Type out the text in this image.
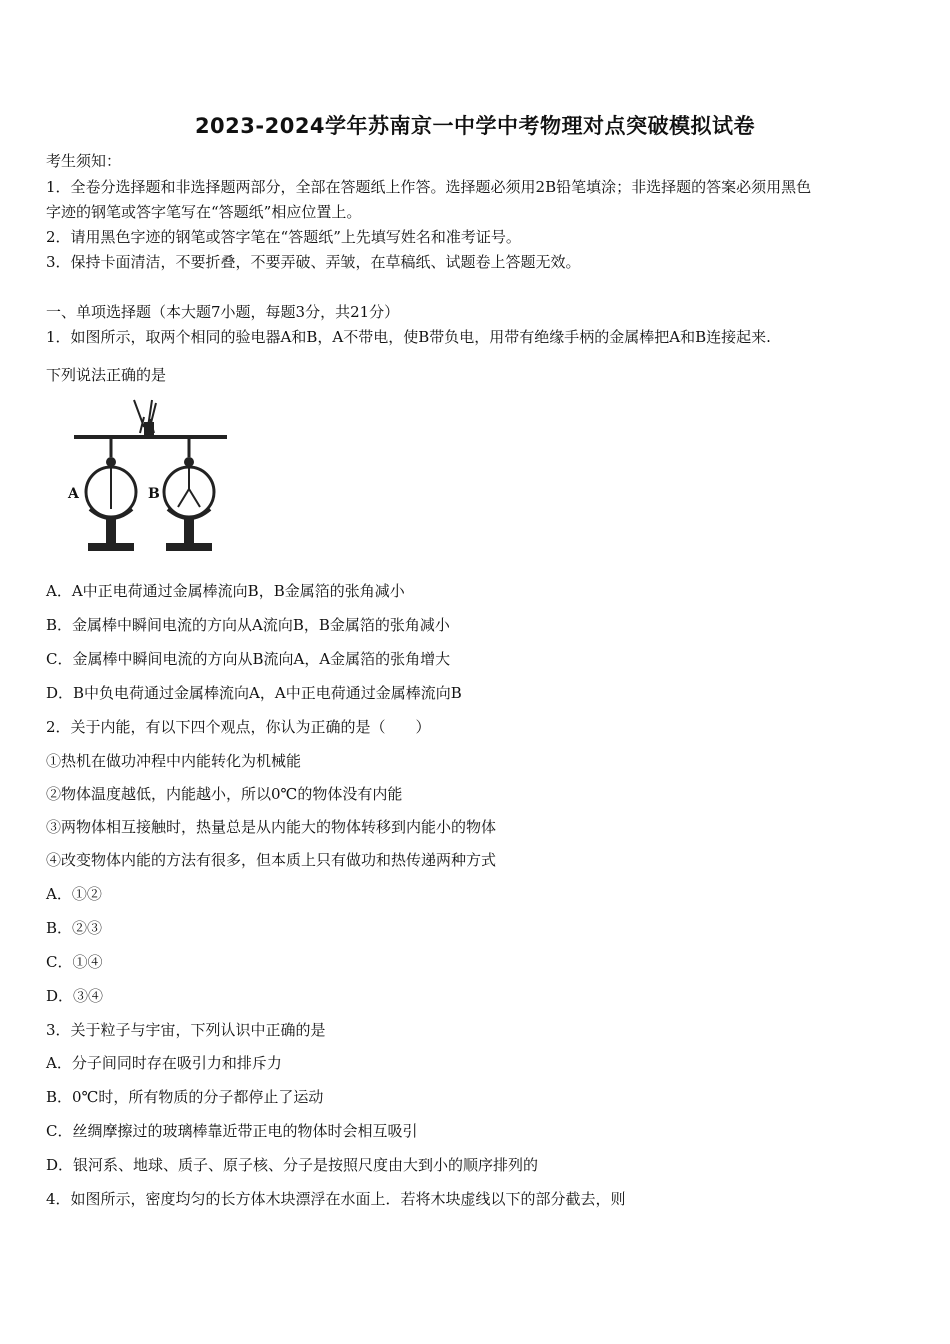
2023-2024学年苏南京一中学中考物理对点突破模拟试卷
考生须知：
1．全卷分选择题和非选择题两部分，全部在答题纸上作答。选择题必须用2B铅笔填涂；非选择题的答案必须用黑色
字迹的钢笔或答字笔写在“答题纸”相应位置上。
2．请用黑色字迹的钢笔或答字笔在“答题纸”上先填写姓名和准考证号。
3．保持卡面清洁，不要折叠，不要弄破、弄皱，在草稿纸、试题卷上答题无效。
一、单项选择题（本大题7小题，每题3分，共21分）
1．如图所示，取两个相同的验电器A和B，A不带电，使B带负电，用带有绝缘手柄的金属棒把A和B连接起来.
下列说法正确的是
A	B
A．A中正电荷通过金属棒流向B，B金属箔的张角减小
B．金属棒中瞬间电流的方向从A流向B，B金属箔的张角减小
C．金属棒中瞬间电流的方向从B流向A，A金属箔的张角增大
D．B中负电荷通过金属棒流向A，A中正电荷通过金属棒流向B
2．关于内能，有以下四个观点，你认为正确的是（　　）
①热机在做功冲程中内能转化为机械能
②物体温度越低，内能越小，所以0℃的物体没有内能
③两物体相互接触时，热量总是从内能大的物体转移到内能小的物体
④改变物体内能的方法有很多，但本质上只有做功和热传递两种方式
A．①②
B．②③
C．①④
D．③④
3．关于粒子与宇宙，下列认识中正确的是
A．分子间同时存在吸引力和排斥力
B．0℃时，所有物质的分子都停止了运动
C．丝绸摩擦过的玻璃棒靠近带正电的物体时会相互吸引
D．银河系、地球、质子、原子核、分子是按照尺度由大到小的顺序排列的
4．如图所示，密度均匀的长方体木块漂浮在水面上．若将木块虚线以下的部分截去，则
